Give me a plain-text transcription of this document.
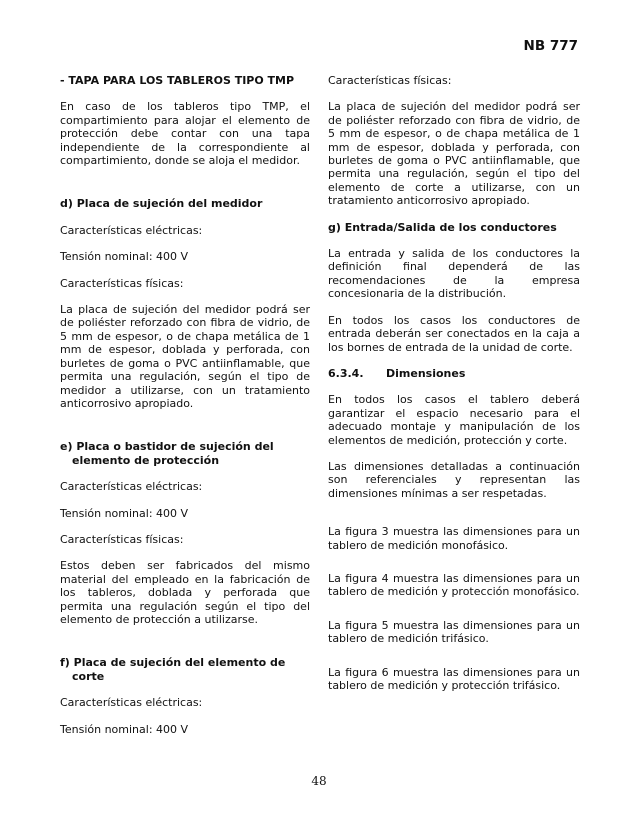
NB 777

- TAPA PARA LOS TABLEROS TIPO TMP

En caso de los tableros tipo TMP, el compartimiento para alojar el elemento de protección debe contar con una tapa independiente de la correspondiente al compartimiento, donde se aloja el medidor.

d) Placa de sujeción del medidor

Características eléctricas:

Tensión nominal: 400 V

Características físicas:

La placa de sujeción del medidor podrá ser de poliéster reforzado con fibra de vidrio, de 5 mm de espesor, o de chapa metálica de 1 mm de espesor, doblada y perforada, con burletes de goma o PVC antiinflamable, que permita una regulación, según el tipo de medidor a utilizarse, con un tratamiento anticorrosivo apropiado.

e) Placa o bastidor de sujeción del elemento de protección

Características eléctricas:

Tensión nominal: 400 V

Características físicas:

Estos deben ser fabricados del mismo material del empleado en la fabricación de los tableros, doblada y perforada que permita una regulación según el tipo del elemento de protección a utilizarse.

f) Placa de sujeción del elemento de corte

Características eléctricas:

Tensión nominal: 400 V

Características físicas:

La placa de sujeción del medidor podrá ser de poliéster reforzado con fibra de vidrio, de 5 mm de espesor, o de chapa metálica de 1 mm de espesor, doblada y perforada, con burletes de goma o PVC antiinflamable, que permita una regulación, según el tipo del elemento de corte a utilizarse, con un tratamiento anticorrosivo apropiado.

g) Entrada/Salida de los conductores

La entrada y salida de los conductores la definición final dependerá de las recomendaciones de la empresa concesionaria de la distribución.

En todos los casos los conductores de entrada deberán ser conectados en la caja a los bornes de entrada de la unidad de corte.

6.3.4. Dimensiones

En todos los casos el tablero deberá garantizar el espacio necesario para el adecuado montaje y manipulación de los elementos de medición, protección y corte.

Las dimensiones detalladas a continuación son referenciales y representan las dimensiones mínimas a ser respetadas.

La figura 3 muestra las dimensiones para un tablero de medición monofásico.

La figura 4 muestra las dimensiones para un tablero de medición y protección monofásico.

La figura 5 muestra las dimensiones para un tablero de medición trifásico.

La figura 6 muestra las dimensiones para un tablero de medición y protección trifásico.

48
